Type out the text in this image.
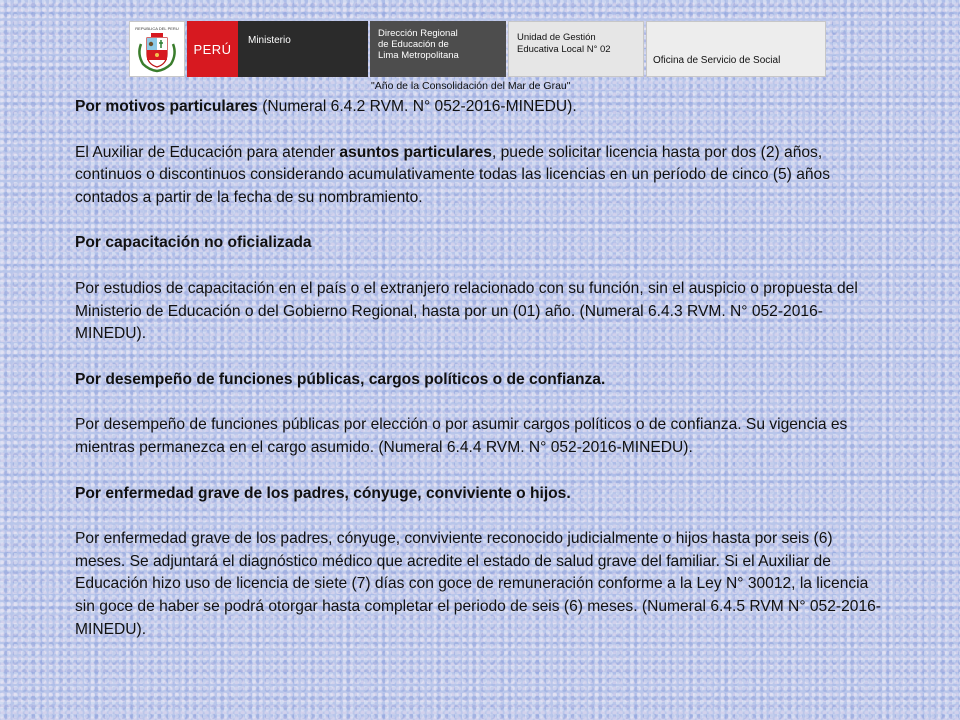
REPUBLICA DEL PERU
PERÚ
Ministerio
Dirección Regional
de Educación de
Lima Metropolitana
Unidad de Gestión
Educativa Local N° 02
Oficina de Servicio de Social
"Año de la Consolidación del Mar de Grau"

Por motivos particulares (Numeral 6.4.2 RVM. N° 052-2016-MINEDU).

El Auxiliar de Educación para atender asuntos particulares, puede solicitar licencia hasta por dos (2) años, continuos o discontinuos considerando acumulativamente todas las licencias en un período de cinco (5) años contados a partir de la fecha de su nombramiento.

Por capacitación no oficializada

Por estudios de capacitación en el país o el extranjero relacionado con su función, sin el auspicio o propuesta del Ministerio de Educación o del Gobierno Regional, hasta por un (01) año. (Numeral 6.4.3 RVM. N° 052-2016-MINEDU).

Por desempeño de funciones públicas, cargos políticos o de confianza.

Por desempeño de funciones públicas por elección o por asumir cargos políticos o de confianza. Su vigencia es mientras permanezca en el cargo asumido. (Numeral 6.4.4 RVM. N° 052-2016-MINEDU).

Por enfermedad grave de los padres, cónyuge, conviviente o hijos.

Por enfermedad grave de los padres, cónyuge, conviviente reconocido judicialmente o hijos hasta por seis (6) meses. Se adjuntará el diagnóstico médico que acredite el estado de salud grave del familiar. Si el Auxiliar de Educación hizo uso de licencia de siete (7) días con goce de remuneración conforme a la Ley N° 30012, la licencia sin goce de haber se podrá otorgar hasta completar el periodo de seis (6) meses. (Numeral 6.4.5 RVM N° 052-2016-MINEDU).
